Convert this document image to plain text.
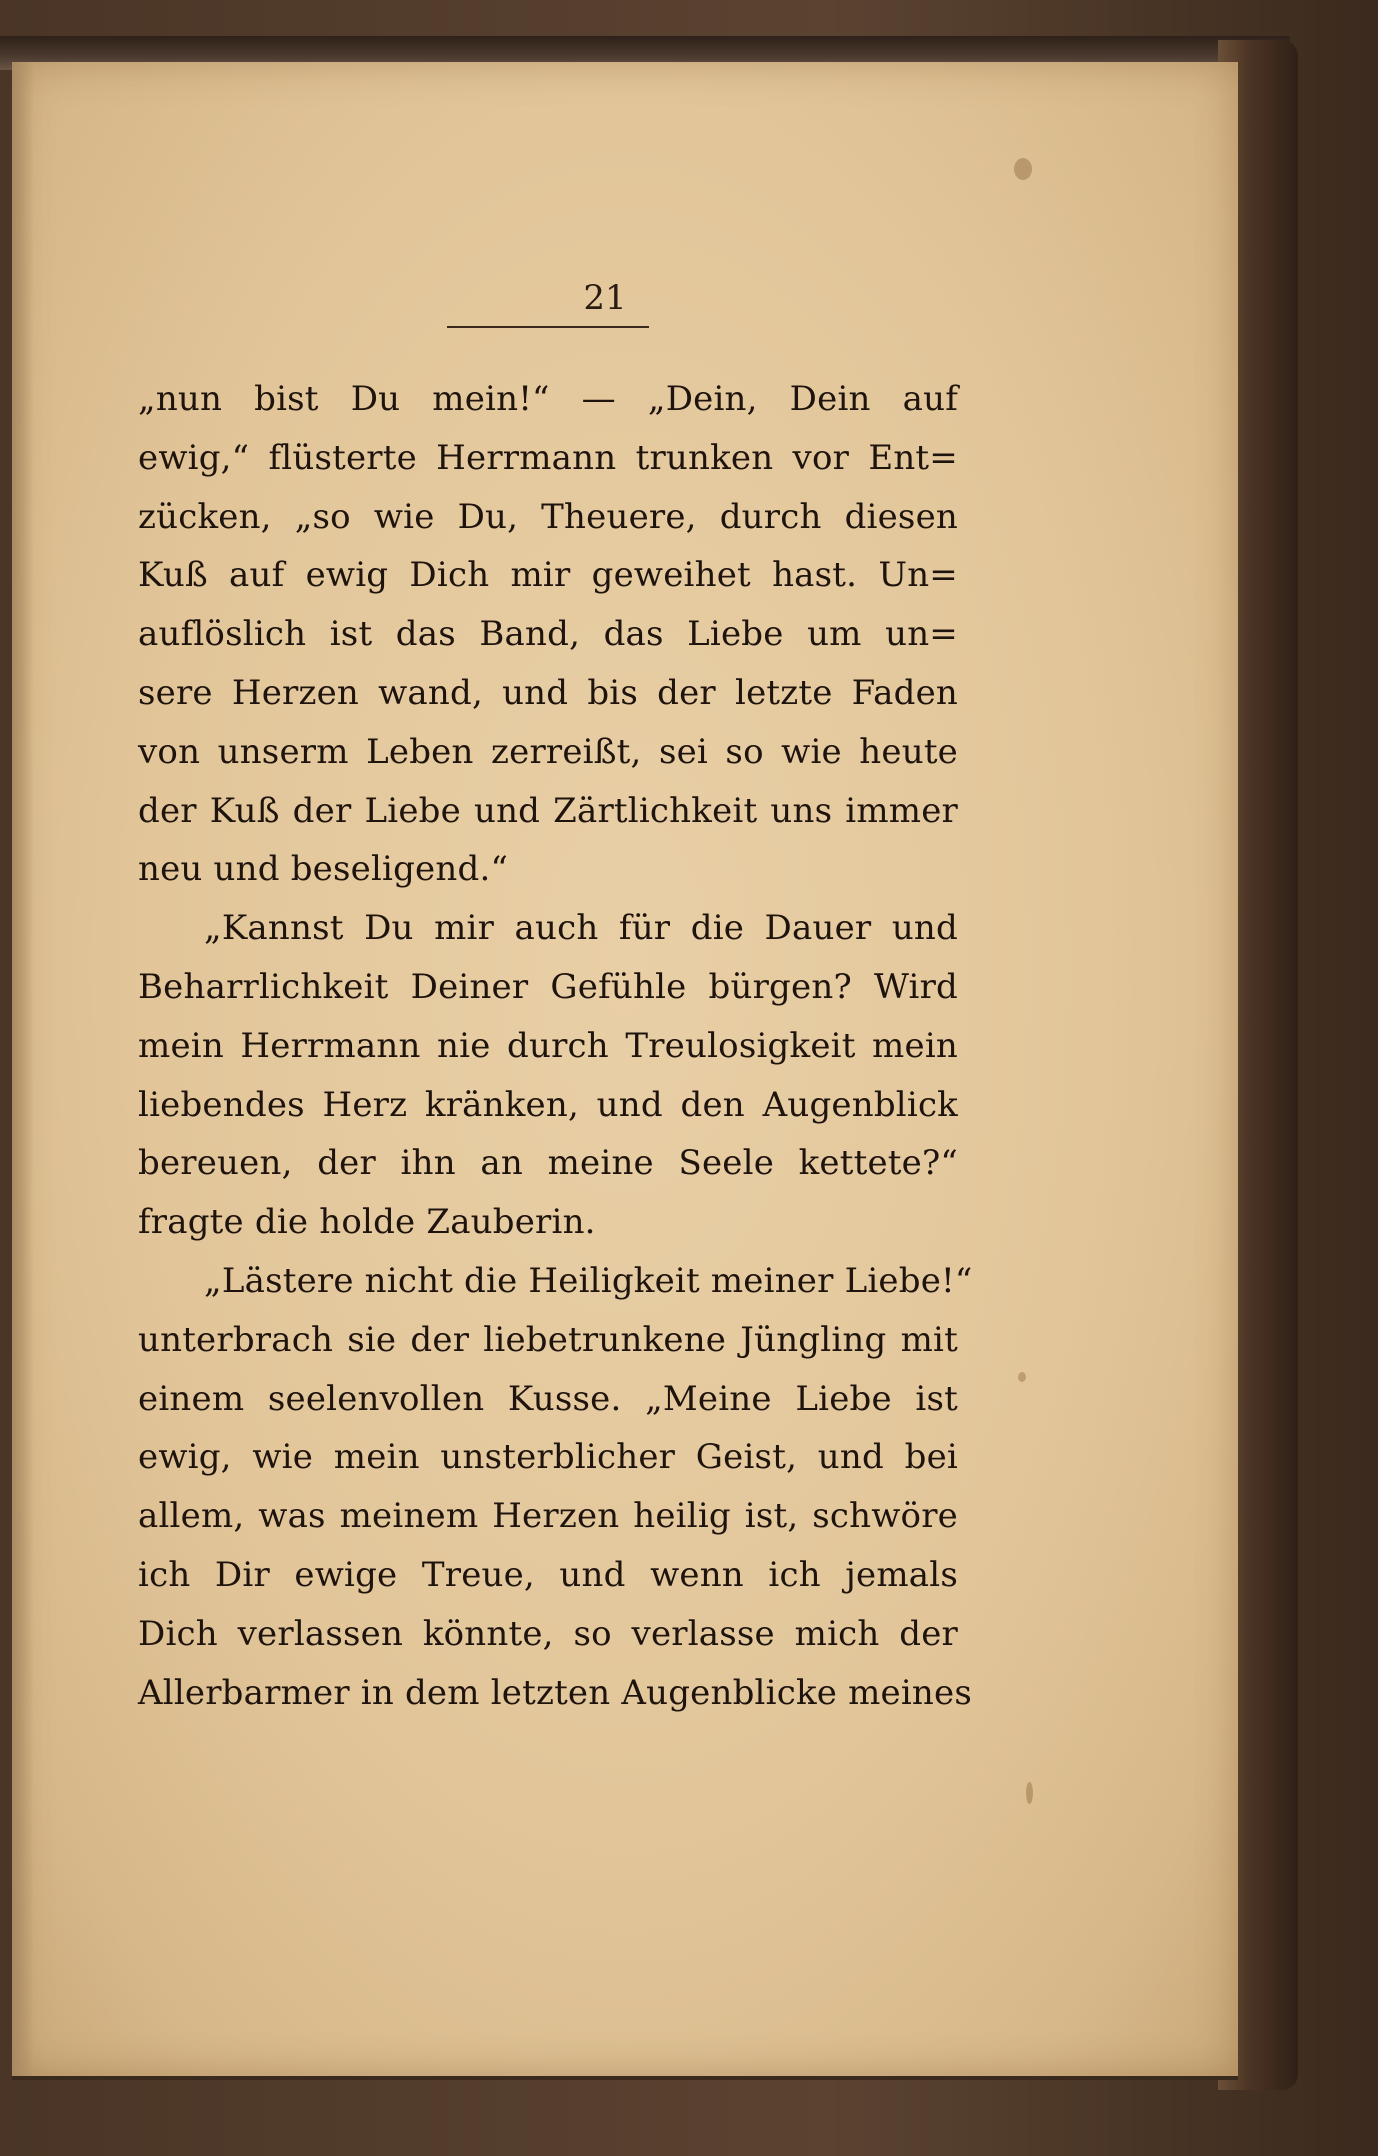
21
„nun bist Du mein!“ — „Dein, Dein auf
ewig,“ flüsterte Herrmann trunken vor Ent=
zücken, „so wie Du, Theuere, durch diesen
Kuß auf ewig Dich mir geweihet hast. Un=
auflöslich ist das Band, das Liebe um un=
sere Herzen wand, und bis der letzte Faden
von unserm Leben zerreißt, sei so wie heute
der Kuß der Liebe und Zärtlichkeit uns immer
neu und beseligend.“
„Kannst Du mir auch für die Dauer und
Beharrlichkeit Deiner Gefühle bürgen? Wird
mein Herrmann nie durch Treulosigkeit mein
liebendes Herz kränken, und den Augenblick
bereuen, der ihn an meine Seele kettete?“
fragte die holde Zauberin.
„Lästere nicht die Heiligkeit meiner Liebe!“
unterbrach sie der liebetrunkene Jüngling mit
einem seelenvollen Kusse. „Meine Liebe ist
ewig, wie mein unsterblicher Geist, und bei
allem, was meinem Herzen heilig ist, schwöre
ich Dir ewige Treue, und wenn ich jemals
Dich verlassen könnte, so verlasse mich der
Allerbarmer in dem letzten Augenblicke meines
